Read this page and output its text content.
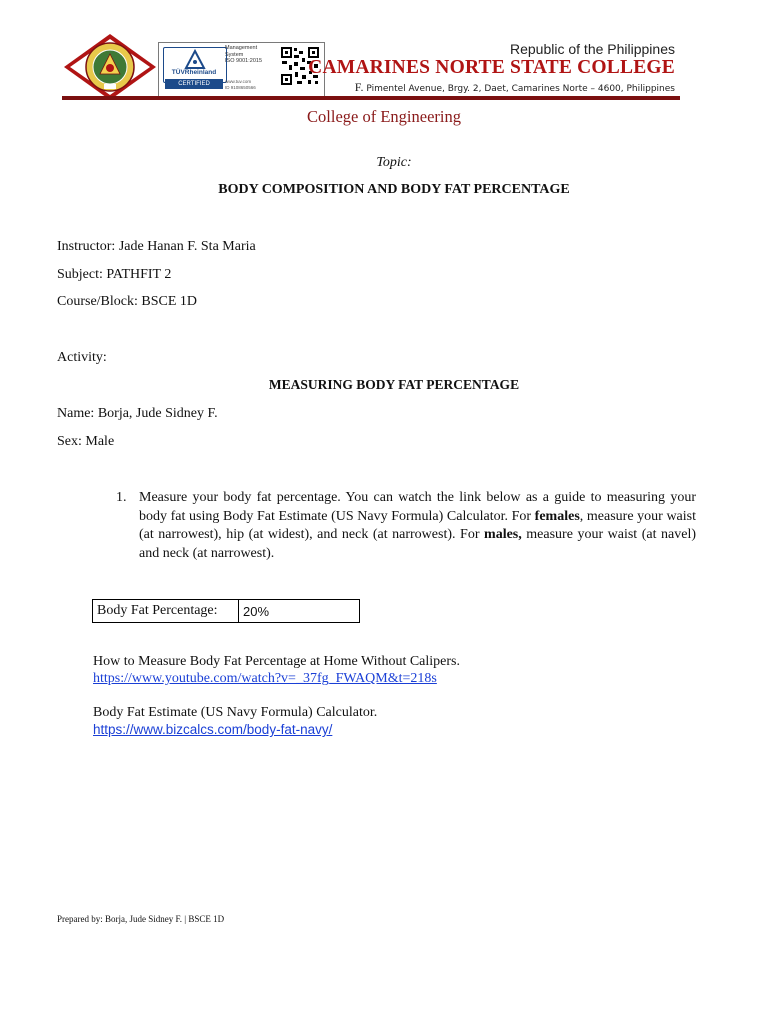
TÜVRheinland
CERTIFIED
Management
System
ISO 9001:2015
www.tuv.com
ID 9108650566
Republic of the Philippines
CAMARINES NORTE STATE COLLEGE
F. Pimentel Avenue, Brgy. 2, Daet, Camarines Norte – 4600, Philippines
College of Engineering
Topic:
BODY COMPOSITION AND BODY FAT PERCENTAGE
Instructor: Jade Hanan F. Sta Maria
Subject: PATHFIT 2
Course/Block: BSCE 1D
Activity:
MEASURING BODY FAT PERCENTAGE
Name: Borja, Jude Sidney F.
Sex: Male
1. Measure your body fat percentage. You can watch the link below as a guide to measuring your body fat using Body Fat Estimate (US Navy Formula) Calculator. For females, measure your waist (at narrowest), hip (at widest), and neck (at narrowest). For males, measure your waist (at navel) and neck (at narrowest).
Body Fat Percentage:	20%
How to Measure Body Fat Percentage at Home Without Calipers.
https://www.youtube.com/watch?v=_37fg_FWAQM&t=218s
Body Fat Estimate (US Navy Formula) Calculator.
https://www.bizcalcs.com/body-fat-navy/
Prepared by: Borja, Jude Sidney F. | BSCE 1D
